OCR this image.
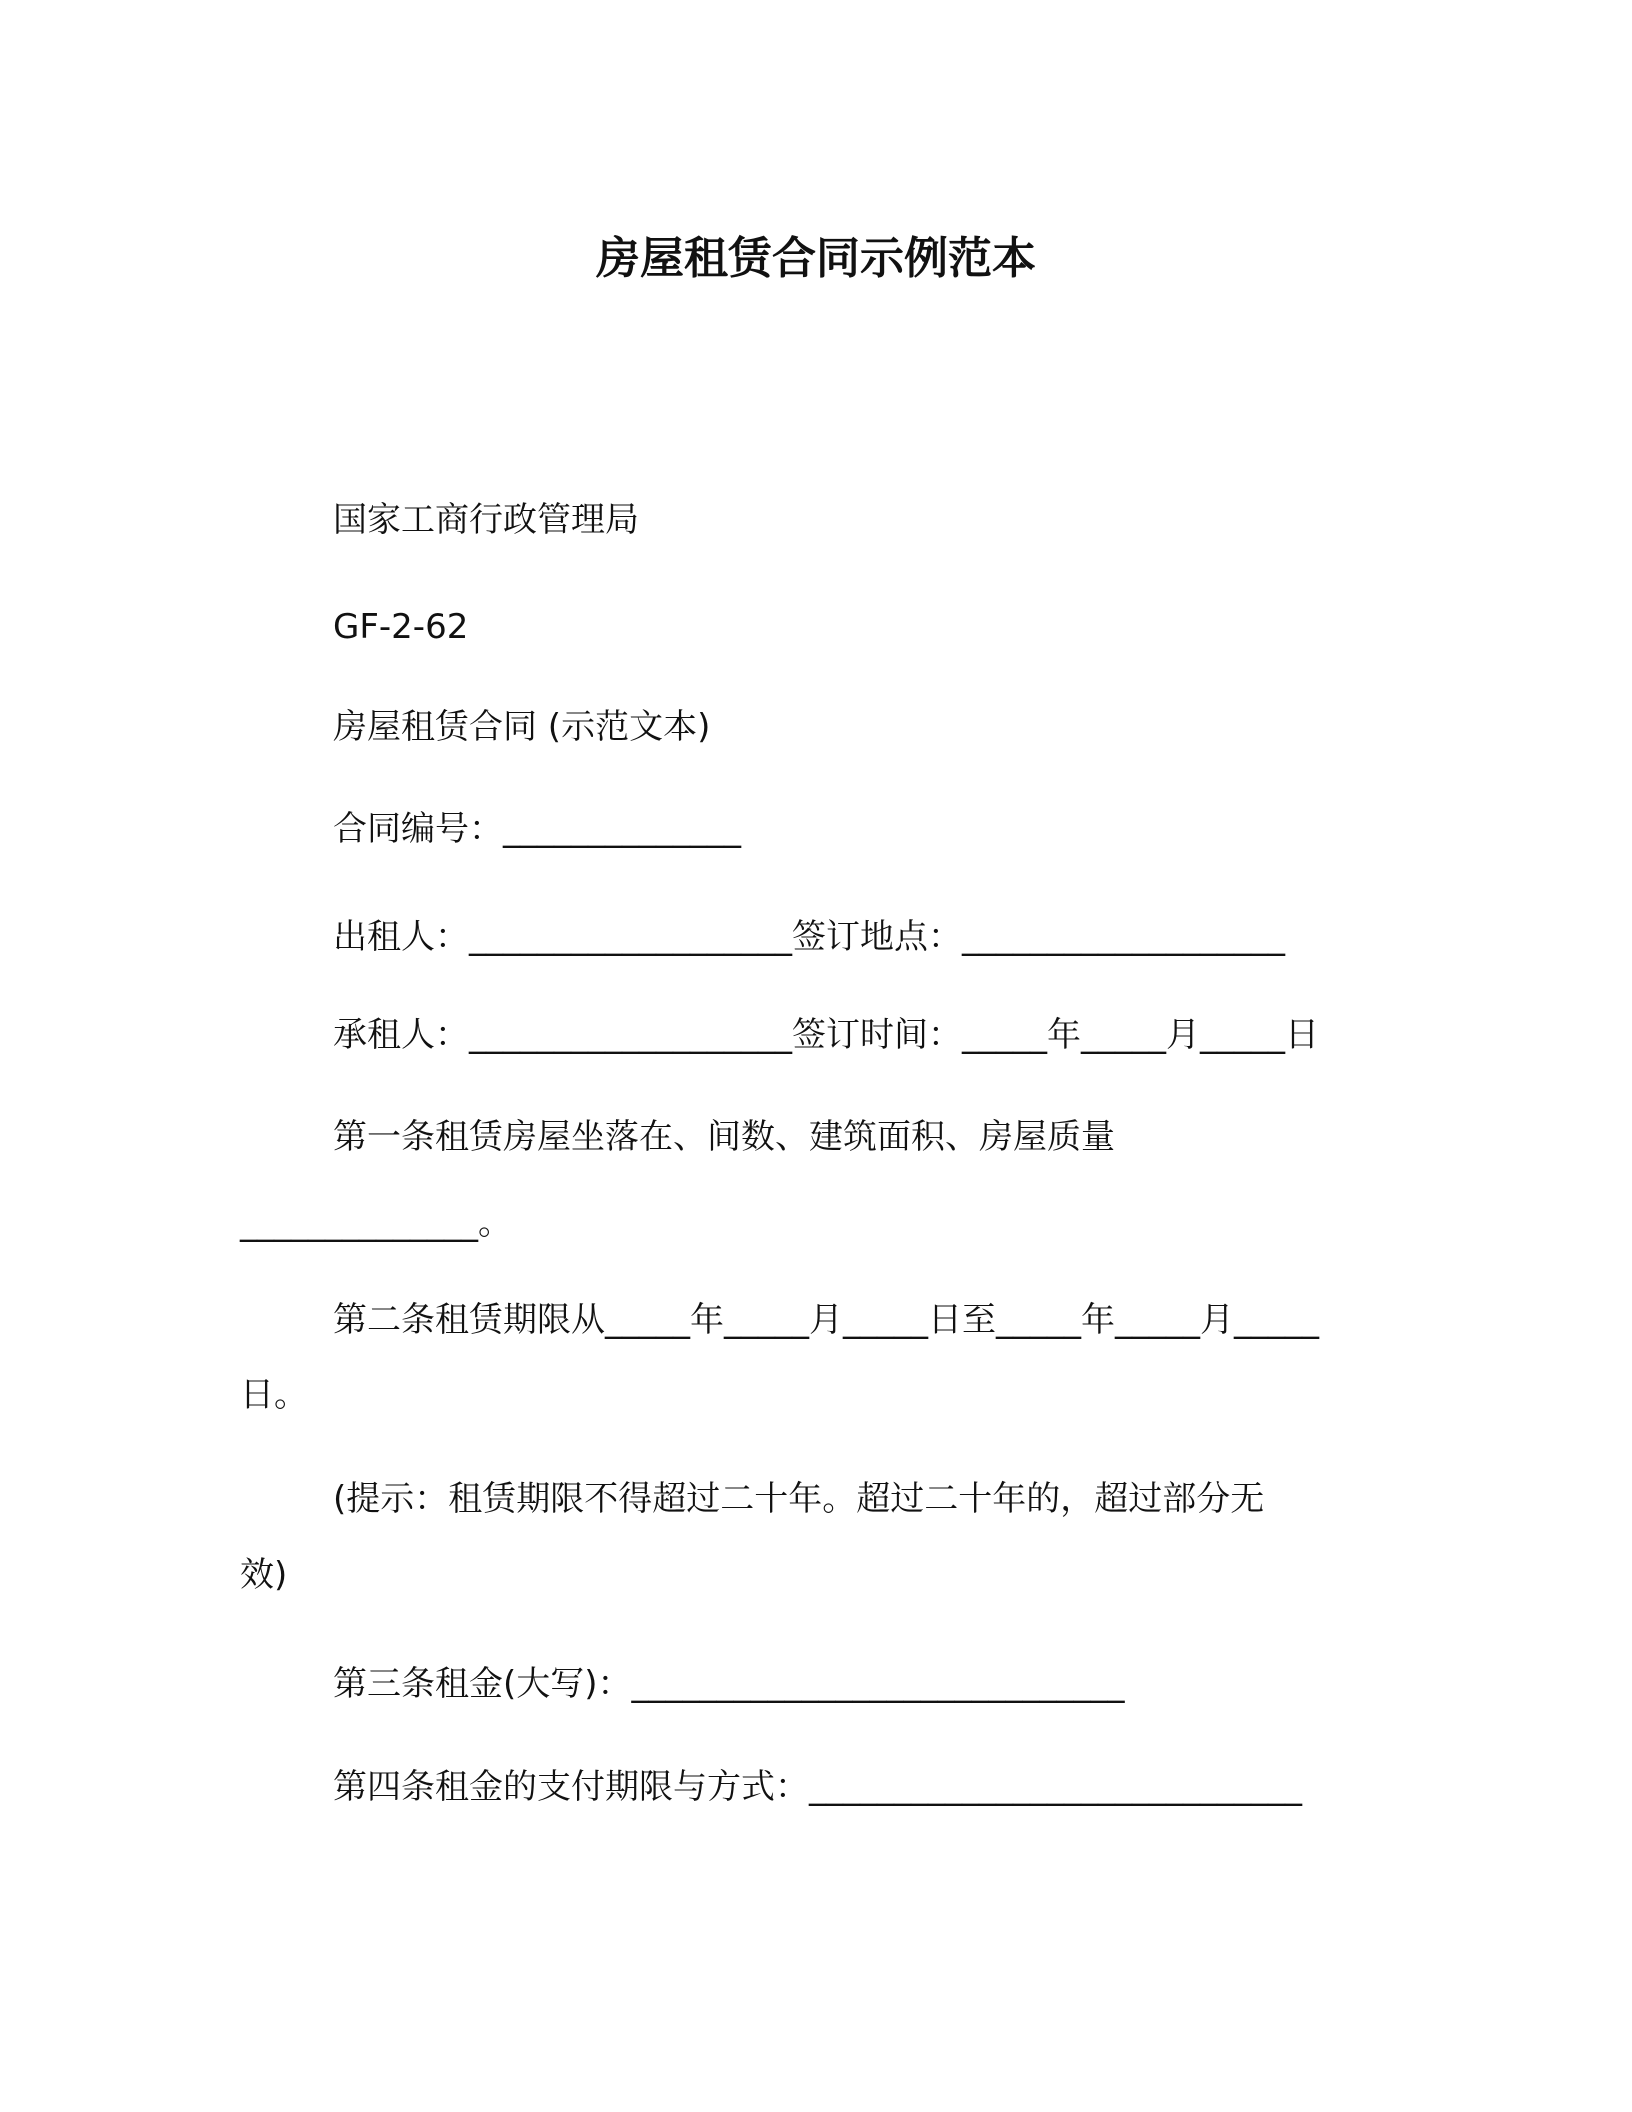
房屋租赁合同示例范本
国家工商行政管理局
GF-2-62
房屋租赁合同 (示范文本)
合同编号：______________
出租人：___________________签订地点：___________________
承租人：___________________签订时间：_____年_____月_____日
第一条租赁房屋坐落在、间数、建筑面积、房屋质量
______________。
第二条租赁期限从_____年_____月_____日至_____年_____月_____
日。
(提示：租赁期限不得超过二十年。超过二十年的，超过部分无
效)
第三条租金(大写)：_____________________________
第四条租金的支付期限与方式：_____________________________
